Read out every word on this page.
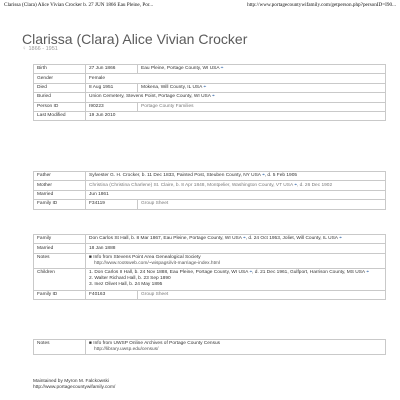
Clarissa (Clara) Alice Vivian Crocker b. 27 JUN 1866 Eau Pleine, Por...	http://www.portagecountywifamily.com/getperson.php?personID=I90...
Clarissa (Clara) Alice Vivian Crocker
♀ 1866 - 1951
Birth	27 Jun 1866	Eau Pleine, Portage County, WI USA ⌖
Gender	Female	
Died	8 Aug 1951	Mokena, Will County, IL USA ⌖
Buried	Union Cemetery, Stevens Point, Portage County, WI USA ⌖	
Person ID	I90223	Portage County Families
Last Modified	19 Jun 2010	
Father	Sylvester G. H. Crocker, b. 11 Dec 1833, Painted Post, Steuben County, NY USA ⌖, d. 5 Feb 1905	
Mother	Christina (Christina Charlene) St. Claire, b. 8 Apr 1848, Montpelier, Washington County, VT USA ⌖, d. 26 Dec 1902	
Married	Jun 1861	
Family ID	F34119	Group Sheet
Family	Don Carlos St Hall, b. 8 Mar 1867, Eau Pleine, Portage County, WI USA ⌖, d. 24 Oct 1953, Joliet, Will County, IL USA ⌖	
Married	18 Jan 1888	
Notes	■ Info from Stevens Point Area Genealogical Society
http://www.rootsweb.com/~wispagsi/vit-marriage-index.html	
Children	1. Don Carlos II Hall, b. 24 Nov 1888, Eau Pleine, Portage County, WI USA ⌖, d. 21 Dec 1961, Gulfport, Harrison County, MS USA ⌖
2. Walter Richard Hall, b. 23 Sep 1890
3. Inez Olivet Hall, b. 24 May 1895	

Family ID	F40163	Group Sheet
Notes	■ Info from UWSP Online Archives of Portage County Census
http://library.uwsp.edu/census/
Maintained by Myron M. Falckowski
http://www.portagecountywifamily.com/
